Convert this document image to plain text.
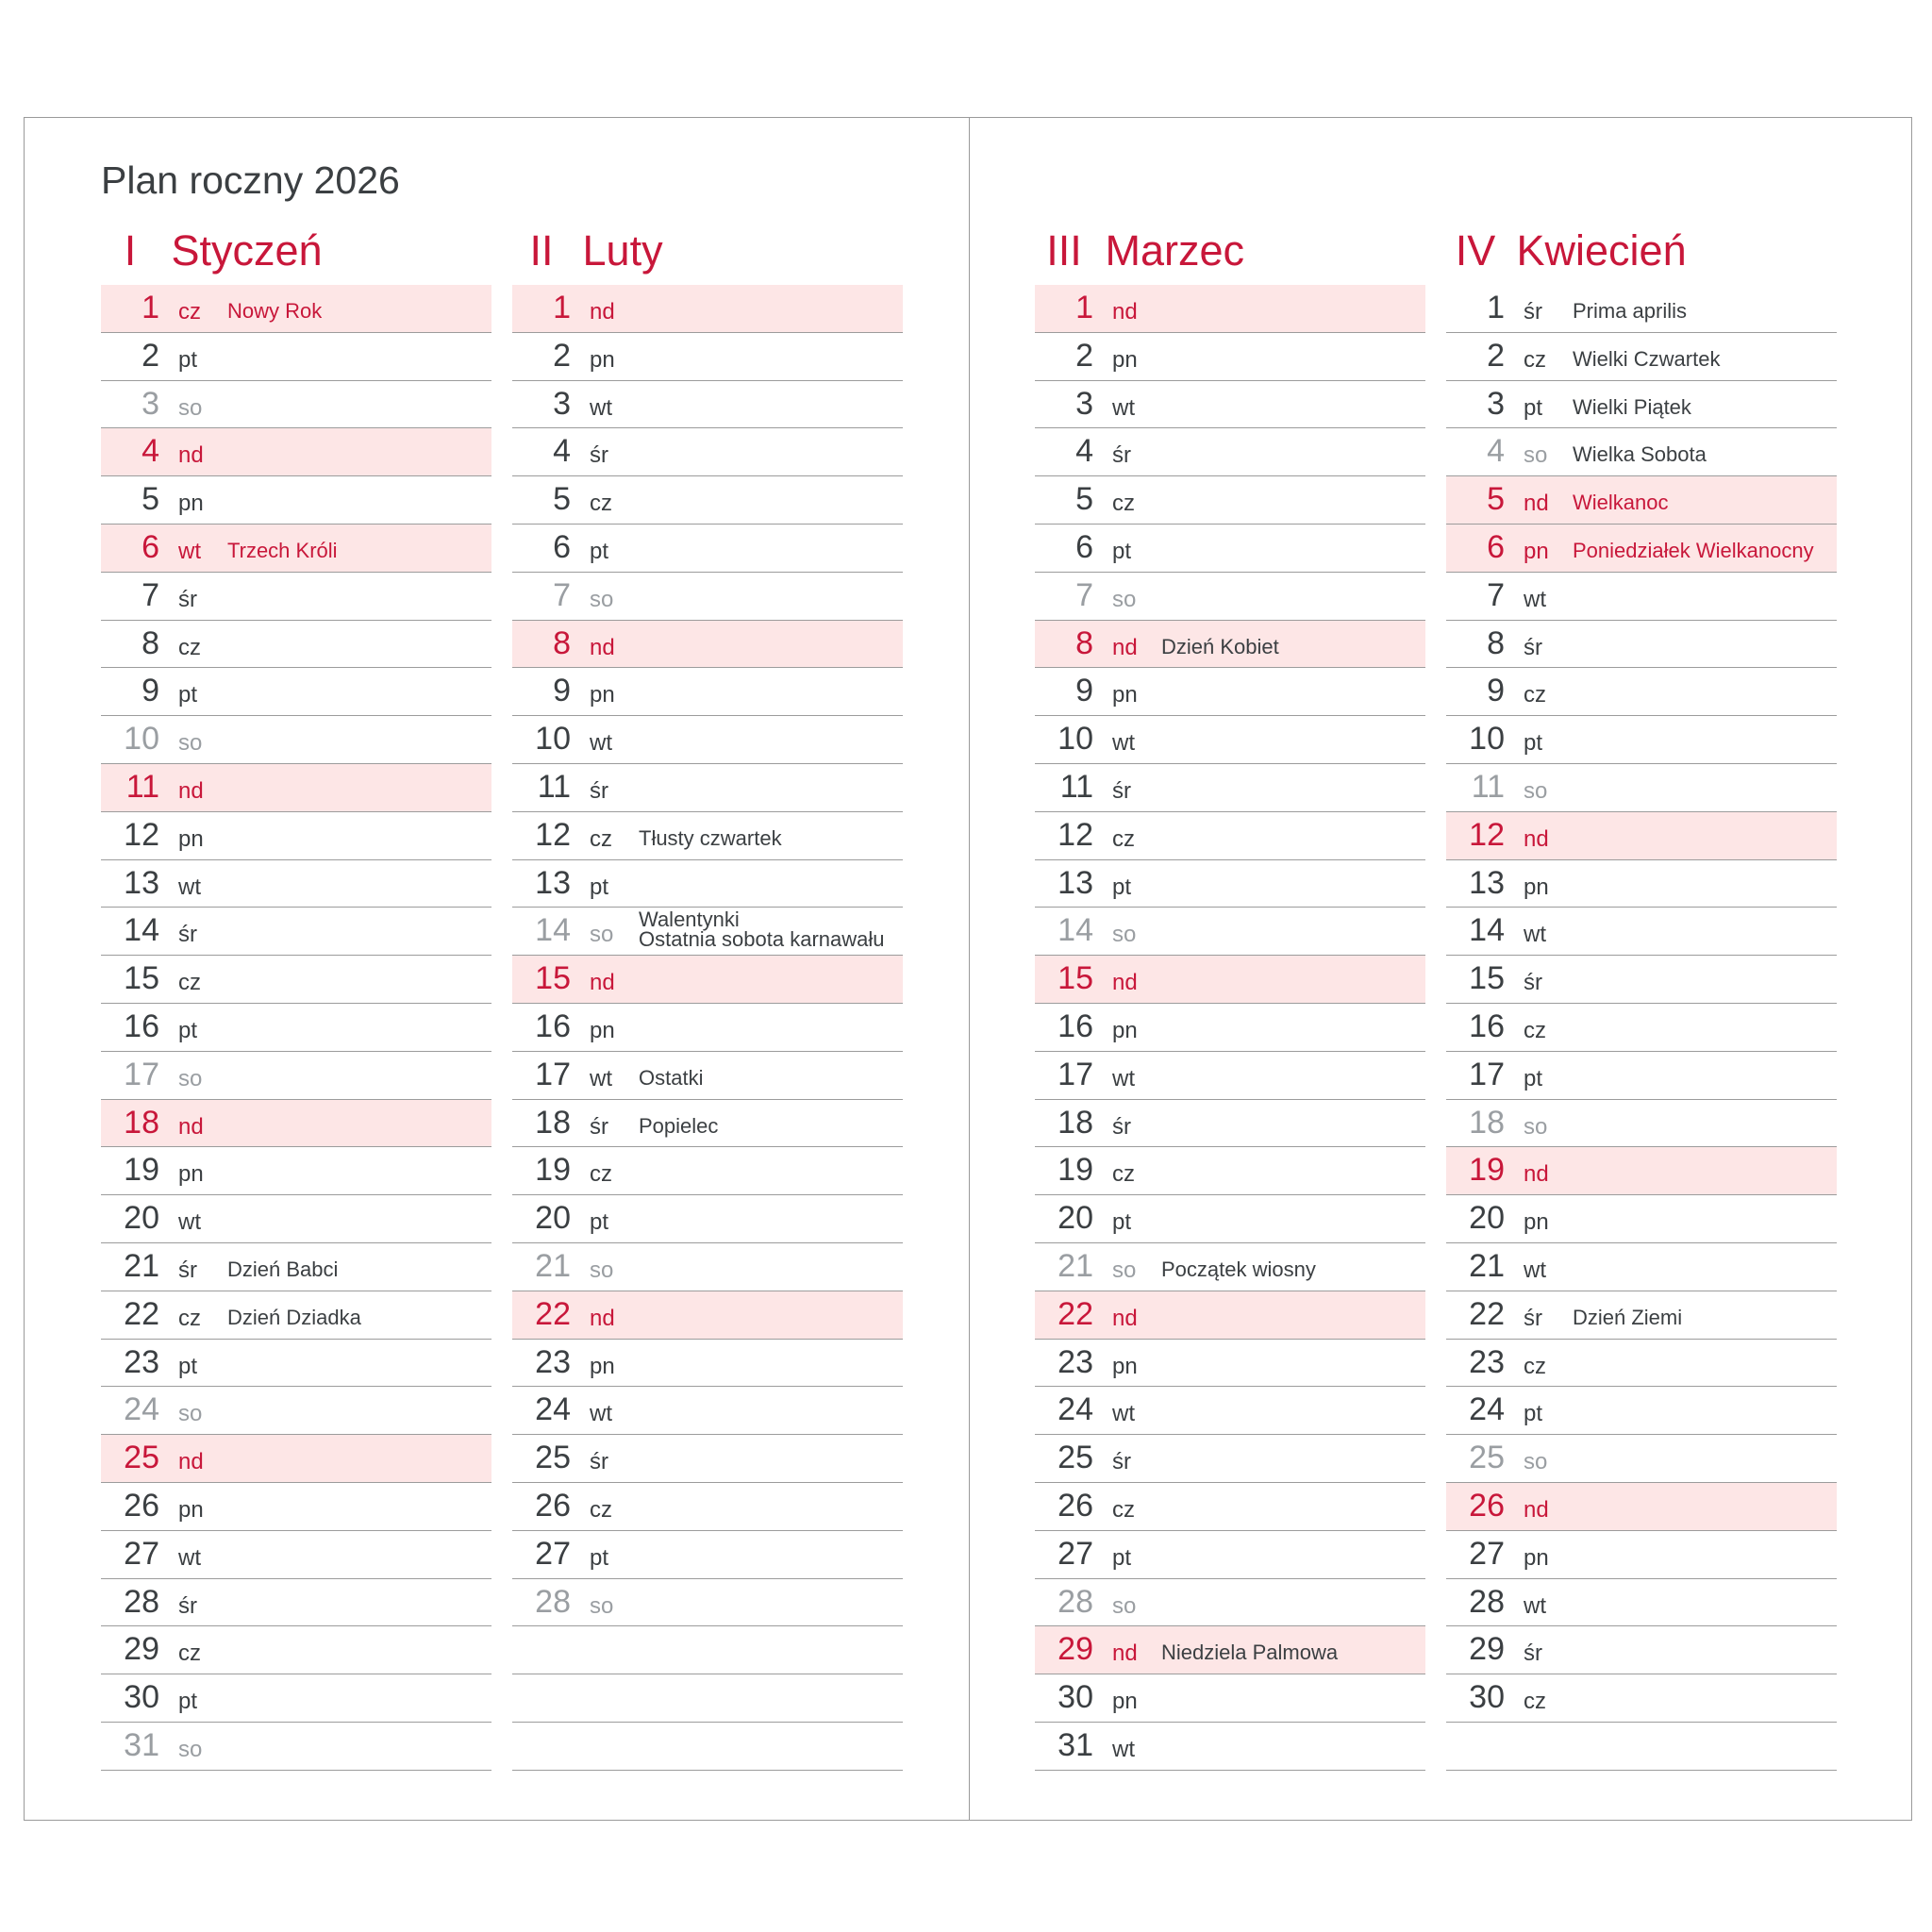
Plan roczny 2026
I Styczeń
1 cz Nowy Rok
2 pt
3 so
4 nd
5 pn
6 wt Trzech Króli
7 śr
8 cz
9 pt
10 so
11 nd
12 pn
13 wt
14 śr
15 cz
16 pt
17 so
18 nd
19 pn
20 wt
21 śr Dzień Babci
22 cz Dzień Dziadka
23 pt
24 so
25 nd
26 pn
27 wt
28 śr
29 cz
30 pt
31 so
II Luty
1 nd
2 pn
3 wt
4 śr
5 cz
6 pt
7 so
8 nd
9 pn
10 wt
11 śr
12 cz Tłusty czwartek
13 pt
14 so
Walentynki
Ostatnia sobota karnawału
15 nd
16 pn
17 wt Ostatki
18 śr Popielec
19 cz
20 pt
21 so
22 nd
23 pn
24 wt
25 śr
26 cz
27 pt
28 so
III Marzec
1 nd
2 pn
3 wt
4 śr
5 cz
6 pt
7 so
8 nd Dzień Kobiet
9 pn
10 wt
11 śr
12 cz
13 pt
14 so
15 nd
16 pn
17 wt
18 śr
19 cz
20 pt
21 so Początek wiosny
22 nd
23 pn
24 wt
25 śr
26 cz
27 pt
28 so
29 nd Niedziela Palmowa
30 pn
31 wt
IV Kwiecień
1 śr Prima aprilis
2 cz Wielki Czwartek
3 pt Wielki Piątek
4 so Wielka Sobota
5 nd Wielkanoc
6 pn Poniedziałek Wielkanocny
7 wt
8 śr
9 cz
10 pt
11 so
12 nd
13 pn
14 wt
15 śr
16 cz
17 pt
18 so
19 nd
20 pn
21 wt
22 śr Dzień Ziemi
23 cz
24 pt
25 so
26 nd
27 pn
28 wt
29 śr
30 cz
